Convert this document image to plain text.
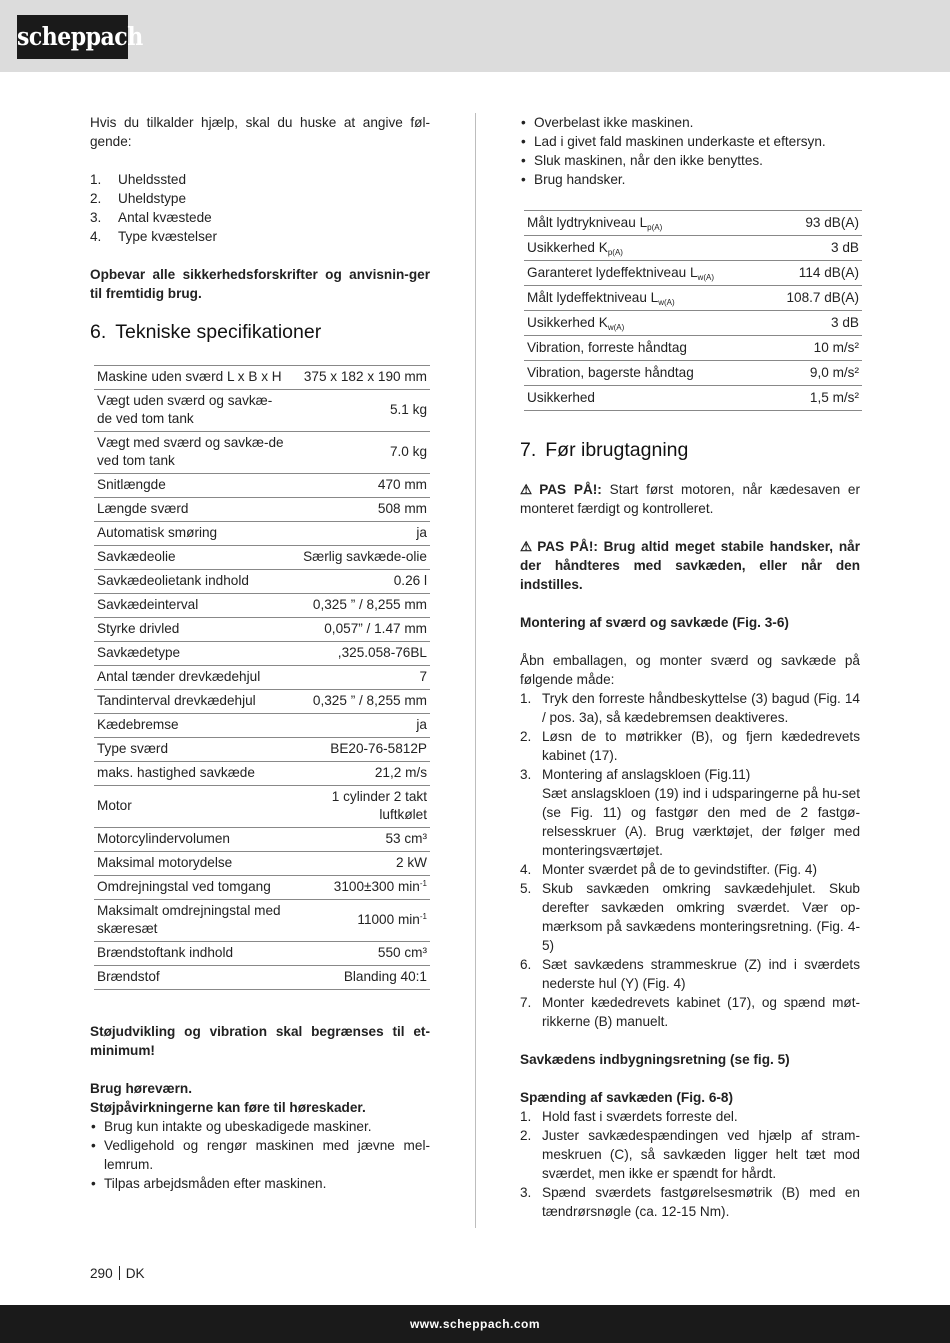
scheppach

Hvis du tilkalder hjælp, skal du huske at angive føl-gende:

1. Uheldssted
2. Uheldstype
3. Antal kvæstede
4. Type kvæstelser

Opbevar alle sikkerhedsforskrifter og anvisnin-ger til fremtidig brug.

6. Tekniske specifikationer
Maskine uden sværd L x B x H	375 x 182 x 190 mm
Vægt uden sværd og savkæ-de ved tom tank	5.1 kg
Vægt med sværd og savkæ-de ved tom tank	7.0 kg
Snitlængde	470 mm
Længde sværd	508 mm
Automatisk smøring	ja
Savkædeolie	Særlig savkæde-olie
Savkædeolietank indhold	0.26 l
Savkædeinterval	0,325 ” / 8,255 mm
Styrke drivled	0,057” / 1.47 mm
Savkædetype	,325.058-76BL
Antal tænder drevkædehjul	7
Tandinterval drevkædehjul	0,325 ” / 8,255 mm
Kædebremse	ja
Type sværd	BE20-76-5812P
maks. hastighed savkæde	21,2 m/s
Motor	1 cylinder 2 takt luftkølet
Motorcylindervolumen	53 cm³
Maksimal motorydelse	2 kW
Omdrejningstal ved tomgang	3100±300 $\min^{-1}$
Maksimalt omdrejningstal med skæresæt	11000 $\min^{-1}$
Brændstoftank indhold	550 cm³
Brændstof	Blanding 40:1

Støjudvikling og vibration skal begrænses til et-minimum!

Brug høreværn.

Støjpåvirkningerne kan føre til høreskader.

• Brug kun intakte og ubeskadigede maskiner.
• Vedligehold og rengør maskinen med jævne mel-lemrum.
• Tilpas arbejdsmåden efter maskinen.
• Overbelast ikke maskinen.
• Lad i givet fald maskinen underkaste et eftersyn.
• Sluk maskinen, når den ikke benyttes.
• Brug handsker.
Målt lydtrykniveau $L_{p(A)}$	93 dB(A)
Usikkerhed $K_{p(A)}$	3 dB
Garanteret lydeffektniveau $L_{w(A)}$	114 dB(A)
Målt lydeffektniveau $L_{w(A)}$	108.7 dB(A)
Usikkerhed $K_{w(A)}$	3 dB
Vibration, forreste håndtag	10 m/s²
Vibration, bagerste håndtag	9,0 m/s²
Usikkerhed	1,5 m/s²
7. Før ibrugtagning

⚠ PAS PÅ!: Start først motoren, når kædesaven er monteret færdigt og kontrolleret.

⚠ PAS PÅ!: Brug altid meget stabile handsker, når der håndteres med savkæden, eller når den indstilles.

Montering af sværd og savkæde (Fig. 3-6)

Åbn emballagen, og monter sværd og savkæde på følgende måde:

1. Tryk den forreste håndbeskyttelse (3) bagud (Fig. 14 / pos. 3a), så kædebremsen deaktiveres.
2. Løsn de to møtrikker (B), og fjern kædedrevets kabinet (17).
3. Montering af anslagskloen (Fig.11)
Sæt anslagskloen (19) ind i udsparingerne på hu-set (se Fig. 11) og fastgør den med de 2 fastgø-relsesskruer (A). Brug værktøjet, der følger med monteringsværtøjet.
4. Monter sværdet på de to gevindstifter. (Fig. 4)
5. Skub savkæden omkring savkædehjulet. Skub derefter savkæden omkring sværdet. Vær op-mærksom på savkædens monteringsretning. (Fig. 4-5)
6. Sæt savkædens strammeskrue (Z) ind i sværdets nederste hul (Y) (Fig. 4)
7. Monter kædedrevets kabinet (17), og spænd møt-rikkerne (B) manuelt.

Savkædens indbygningsretning (se fig. 5)

Spænding af savkæden (Fig. 6-8)

1. Hold fast i sværdets forreste del.
2. Juster savkædespændingen ved hjælp af stram-meskruen (C), så savkæden ligger helt tæt mod sværdet, men ikke er spændt for hårdt.
3. Spænd sværdets fastgørelsesmøtrik (B) med en tændrørsnøgle (ca. 12-15 Nm).
290 DK
www.scheppach.com
